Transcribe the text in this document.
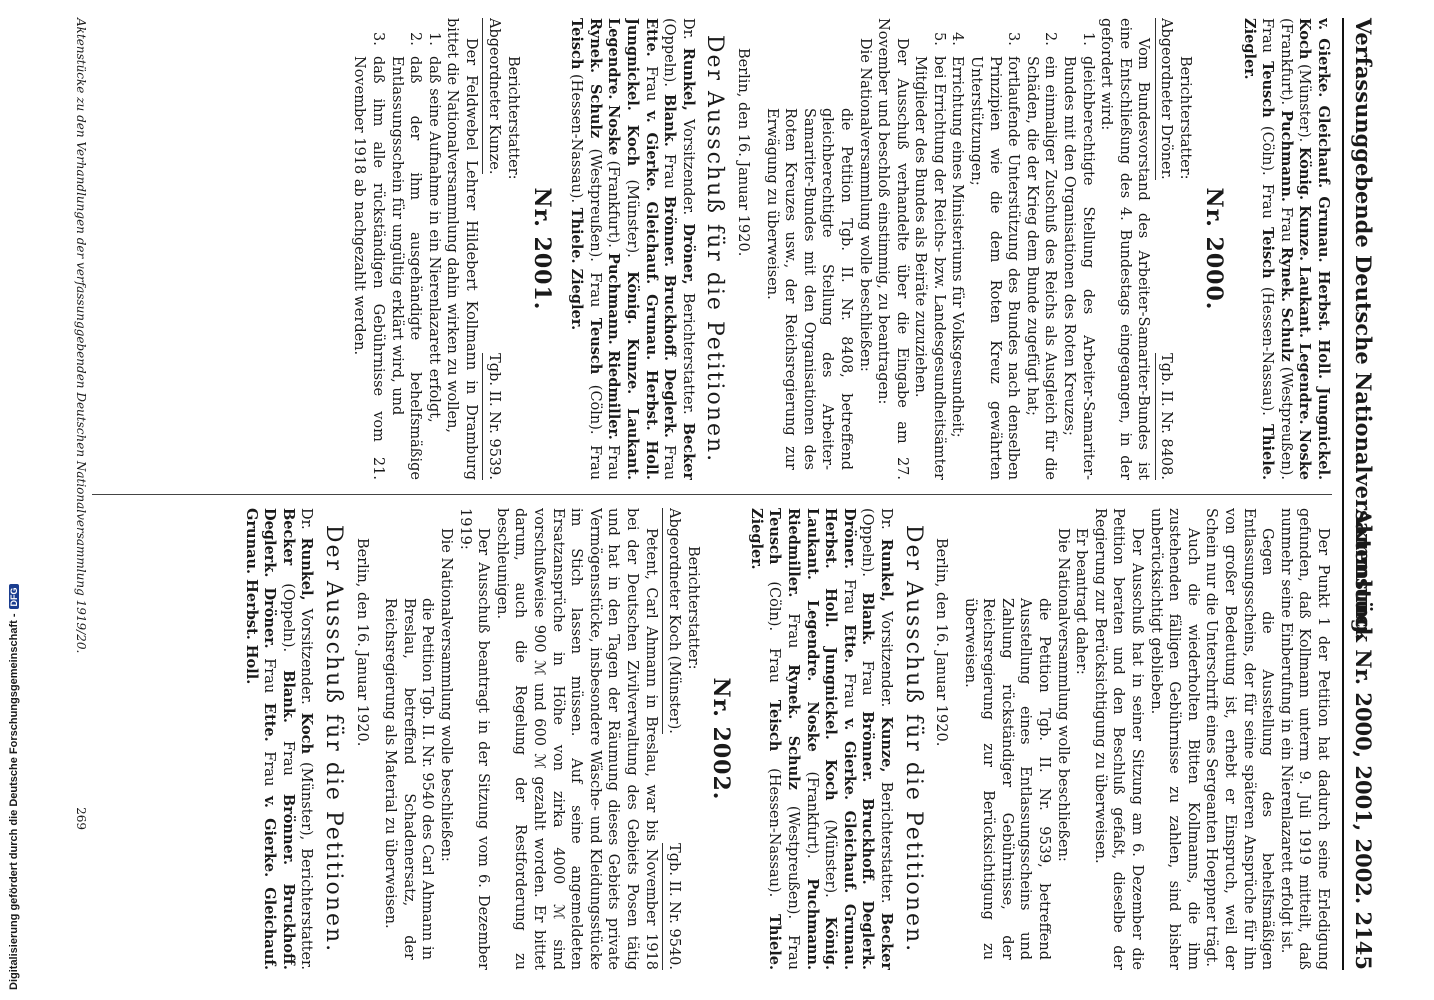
Verfassunggebende Deutsche Nationalversammlung.
Aktenstück Nr. 2000, 2001, 2002. 2145
v. Gierke. Gleichauf. Grunau. Herbst. Holl. Jungnickel. Koch (Münster). König. Kunze. Laukant. Legendre. Noske (Frankfurt). Puchmann. Frau Rynek. Schulz (Westpreußen). Frau Teusch (Cöln). Frau Teisch (Hessen-Nassau). Thiele. Ziegler.
Nr. 2000.
Berichterstatter:
Abgeordneter Dröner.
Tgb. II. Nr. 8408.

Vom Bundesvorstand des Arbeiter-Samariter-Bundes ist eine Entschließung des 4. Bundestags eingegangen, in der gefordert wird:

1.
gleichberechtigte Stellung des Arbeiter-Samariter-Bundes mit den Organisationen des Roten Kreuzes;
2.
ein einmaliger Zuschuß des Reichs als Ausgleich für die Schäden, die der Krieg dem Bunde zugefügt hat;
3.
fortlaufende Unterstützung des Bundes nach denselben Prinzipien wie die dem Roten Kreuz gewährten Unterstützungen;
4.
Errichtung eines Ministeriums für Volksgesundheit;
5.
bei Errichtung der Reichs- bzw. Landesgesundheitsämter Mitglieder des Bundes als Beiräte zuzuziehen.

Der Ausschuß verhandelte über die Eingabe am 27. November und beschloß einstimmig, zu beantragen:

Die Nationalversammlung wolle beschließen:

die Petition Tgb. II. Nr. 8408, betreffend gleichberechtigte Stellung des Arbeiter-Samariter-Bundes mit den Organisationen des Roten Kreuzes usw., der Reichsregierung zur Erwägung zu überweisen.
Berlin, den 16. Januar 1920.
Der Ausschuß für die Petitionen.
Dr. Runkel, Vorsitzender. Dröner, Berichterstatter. Becker (Oppeln). Blank. Frau Brönner. Bruckhoff. Deglerk. Frau Ette. Frau v. Gierke. Gleichauf. Grunau. Herbst. Holl. Jungnickel. Koch (Münster). König. Kunze. Laukant. Legendre. Noske (Frankfurt). Puchmann. Riedmiller. Frau Rynek. Schulz (Westpreußen). Frau Teusch (Cöln). Frau Teisch (Hessen-Nassau). Thiele. Ziegler.
Nr. 2001.
Berichterstatter:
Abgeordneter Kunze.
Tgb. II. Nr. 9539.

Der Feldwebel Lehrer Hildebert Kollmann in Dramburg bittet die Nationalversammlung dahin wirken zu wollen,

1.
daß seine Aufnahme in ein Nierenlazarett erfolgt,
2.
daß der ihm ausgehändigte behelfsmäßige Entlassungsschein für ungültig erklärt wird, und
3.
daß ihm alle rückständigen Gebührnisse vom 21. November 1918 ab nachgezahlt werden.

Der Punkt 1 der Petition hat dadurch seine Erledigung gefunden, daß Kollmann unterm 9. Juli 1919 mitteilt, daß nunmehr seine Einberufung in ein Nierenlazarett erfolgt ist.

Gegen die Ausstellung des behelfsmäßigen Entlassungsscheins, der für seine späteren Ansprüche für ihn von großer Bedeutung ist, erhebt er Einspruch, weil der Schein nur die Unterschrift eines Sergeanten Hoeppner trägt.

Auch die wiederholten Bitten Kollmanns, die ihm zustehenden fälligen Gebührnisse zu zahlen, sind bisher unberücksichtigt geblieben.

Der Ausschuß hat in seiner Sitzung am 6. Dezember die Petition beraten und den Beschluß gefaßt, dieselbe der Regierung zur Berücksichtigung zu überweisen.

Er beantragt daher:

Die Nationalversammlung wolle beschließen:

die Petition Tgb. II. Nr. 9539, betreffend Ausstellung eines Entlassungsscheins und Zahlung rückständiger Gebührnisse, der Reichsregierung zur Berücksichtigung zu überweisen.
Berlin, den 16. Januar 1920.
Der Ausschuß für die Petitionen.
Dr. Runkel, Vorsitzender. Kunze, Berichterstatter. Becker (Oppeln). Blank. Frau Brönner. Bruckhoff. Deglerk. Dröner. Frau Ette. Frau v. Gierke. Gleichauf. Grunau. Herbst. Holl. Jungnickel. Koch (Münster). König. Laukant. Legendre. Noske (Frankfurt). Puchmann. Riedmiller. Frau Rynek. Schulz (Westpreußen). Frau Teusch (Cöln). Frau Teisch (Hessen-Nassau). Thiele. Ziegler.
Nr. 2002.
Berichterstatter:
Abgeordneter Koch (Münster).
Tgb. II. Nr. 9540.

Petent, Carl Ahmann in Breslau, war bis November 1918 bei der Deutschen Zivilverwaltung des Gebiets Posen tätig und hat in den Tagen der Räumung dieses Gebiets private Vermögensstücke, insbesondere Wäsche- und Kleidungsstücke im Stich lassen müssen. Auf seine angemeldeten Ersatzansprüche in Höhe von zirka 4000 ℳ sind vorschußweise 900 ℳ und 600 ℳ gezahlt worden. Er bittet darum, auch die Regelung der Restforderung zu beschleunigen.

Der Ausschuß beantragt in der Sitzung vom 6. Dezember 1919:

Die Nationalversammlung wolle beschließen:

die Petition Tgb. II. Nr. 9540 des Carl Ahmann in Breslau, betreffend Schadenersatz, der Reichsregierung als Material zu überweisen.
Berlin, den 16. Januar 1920.
Der Ausschuß für die Petitionen.
Dr. Runkel, Vorsitzender. Koch (Münster), Berichterstatter. Becker (Oppeln). Blank. Frau Brönner. Bruckhoff. Deglerk. Dröner. Frau Ette. Frau v. Gierke. Gleichauf. Grunau. Herbst. Holl.
Aktenstücke zu den Verhandlungen der verfassunggebenden Deutschen Nationalversammlung 1919/20.
269
Digitalisierung gefördert durch die Deutsche Forschungsgemeinschaft -DFG
